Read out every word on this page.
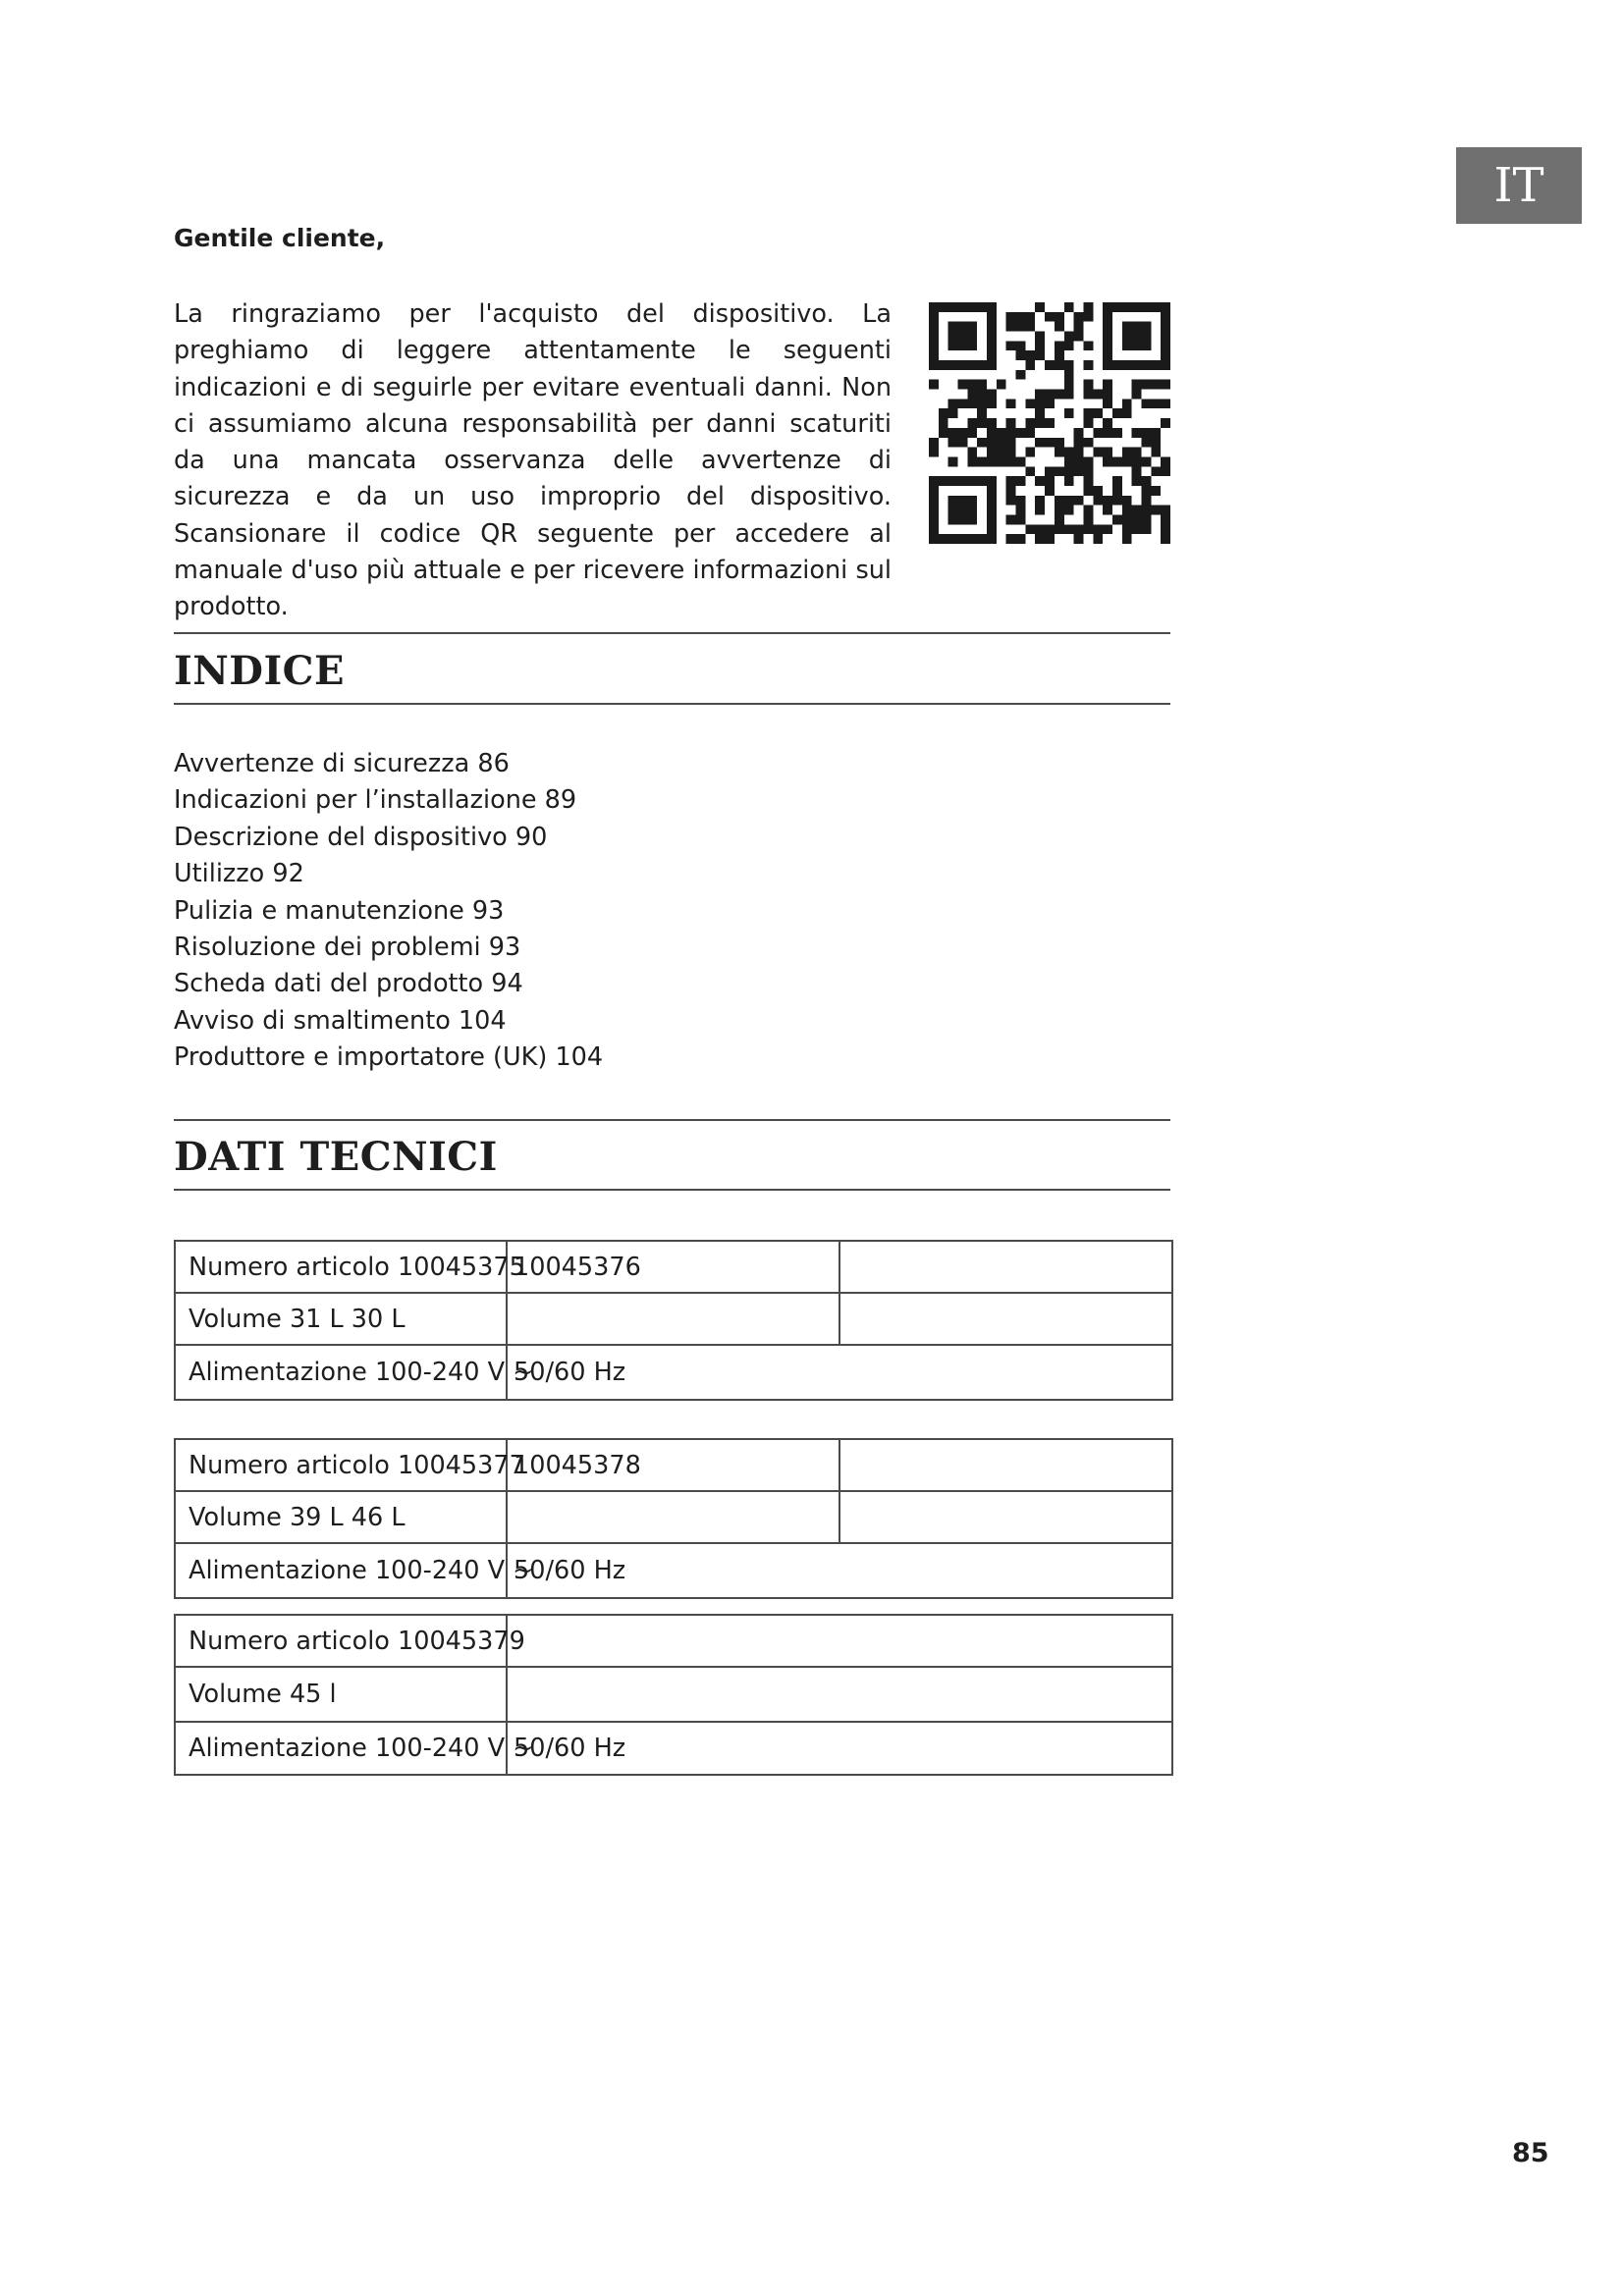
IT

Gentile cliente,

La ringraziamo per l'acquisto del dispositivo. La preghiamo di leggere attentamente le seguenti indicazioni e di seguirle per evitare eventuali danni. Non ci assumiamo alcuna responsabilità per danni scaturiti da una mancata osservanza delle avvertenze di sicurezza e da un uso improprio del dispositivo. Scansionare il codice QR seguente per accedere al manuale d'uso più attuale e per ricevere informazioni sul prodotto.

INDICE
Avvertenze di sicurezza 86
Indicazioni per l’installazione 89
Descrizione del dispositivo 90
Utilizzo 92
Pulizia e manutenzione 93
Risoluzione dei problemi 93
Scheda dati del prodotto 94
Avviso di smaltimento 104
Produttore e importatore (UK) 104
DATI TECNICI
Numero articolo 10045375	10045376	
Volume 31 L 30 L		
Alimentazione 100-240 V ~	50/60 Hz	
Numero articolo 10045377	10045378	
Volume 39 L 46 L		
Alimentazione 100-240 V ~	50/60 Hz	
Numero articolo 10045379	
Volume 45 l	
Alimentazione 100-240 V ~	50/60 Hz

85
